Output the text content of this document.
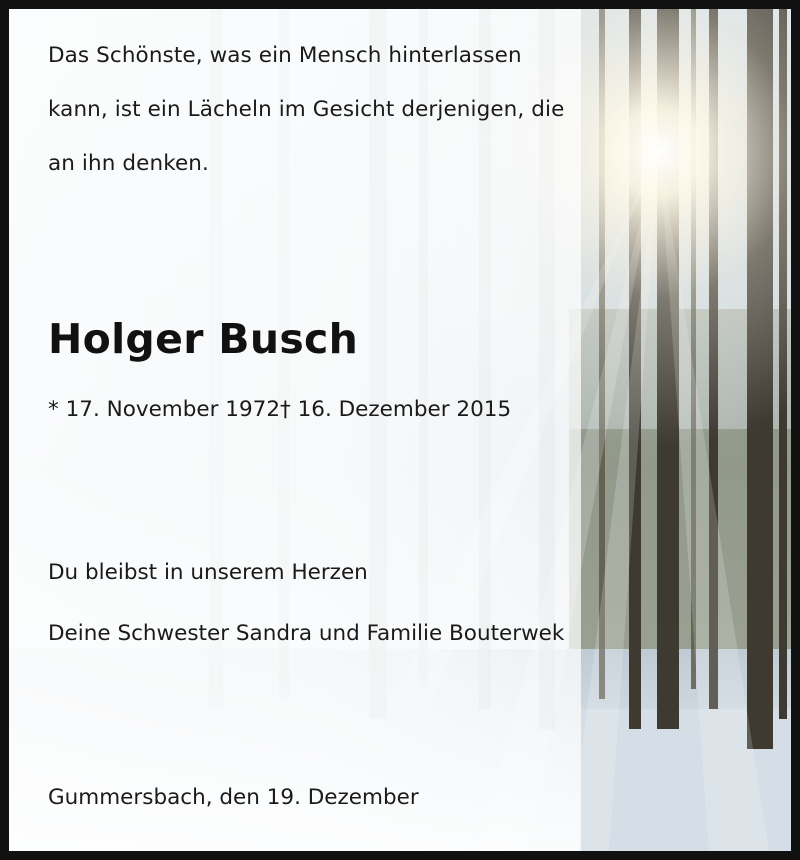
Das Schönste, was ein Mensch hinterlassen

kann, ist ein Lächeln im Gesicht derjenigen, die

an ihn denken.

Holger Busch

* 17. November 1972† 16. Dezember 2015

Du bleibst in unserem Herzen

Deine Schwester Sandra und Familie Bouterwek

Gummersbach, den 19. Dezember
